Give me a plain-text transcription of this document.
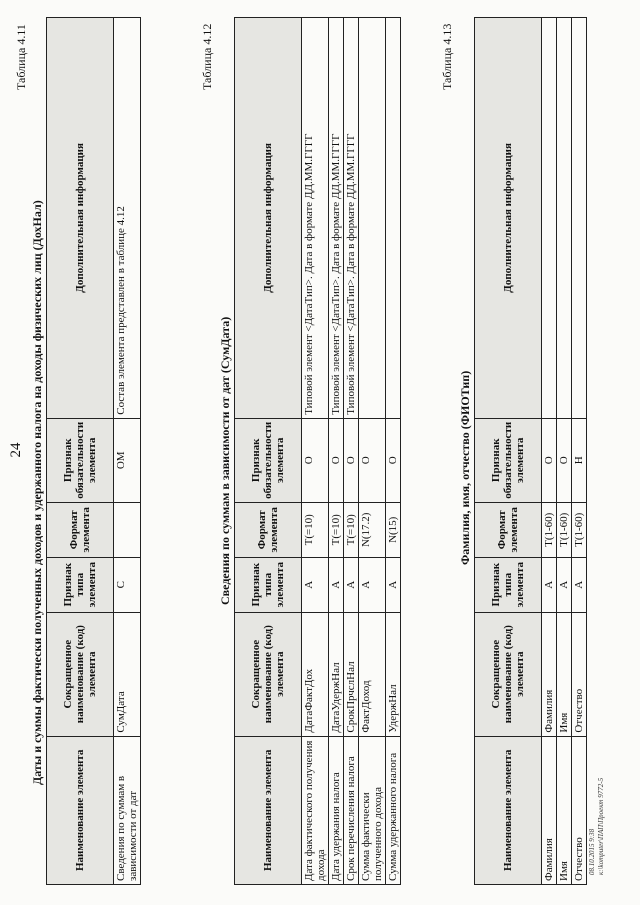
24
Таблица 4.11
Даты и суммы фактически полученных доходов и удержанного налога на доходы физических лиц (ДохНал)
Наименование элемента	Сокращенное наименование (код) элемента	Признак типа элемента	Формат элемента	Признак обязательности элемента	Дополнительная информация
Сведения по суммам в зависимости от дат	СумДата	С		ОМ	Состав элемента представлен в таблице 4.12
Таблица 4.12
Сведения по суммам в зависимости от дат (СумДата)
Наименование элемента	Сокращенное наименование (код) элемента	Признак типа элемента	Формат элемента	Признак обязательности элемента	Дополнительная информация
Дата фактического получения дохода	ДатаФактДох	А	T(=10)	О	Типовой элемент <ДатаТип>. Дата в формате ДД.ММ.ГГГГ
Дата удержания налога	ДатаУдержНал	А	T(=10)	О	Типовой элемент <ДатаТип>. Дата в формате ДД.ММ.ГГГГ
Срок перечисления налога	СрокПрчслНал	А	T(=10)	О	Типовой элемент <ДатаТип>. Дата в формате ДД.ММ.ГГГГ
Сумма фактически полученного дохода	ФактДоход	А	N(17.2)	О	
Сумма удержанного налога	УдержНал	А	N(15)	О	
Таблица 4.13
Фамилия, имя, отчество (ФИОТип)
Наименование элемента	Сокращенное наименование (код) элемента	Признак типа элемента	Формат элемента	Признак обязательности элемента	Дополнительная информация
Фамилия	Фамилия	А	T(1-60)	О	
Имя	Имя	А	T(1-60)	О	
Отчество	Отчество	А	T(1-60)	Н	
08.10.2015 9:38 к:\komputer\ПАП\Проект 9772-5
